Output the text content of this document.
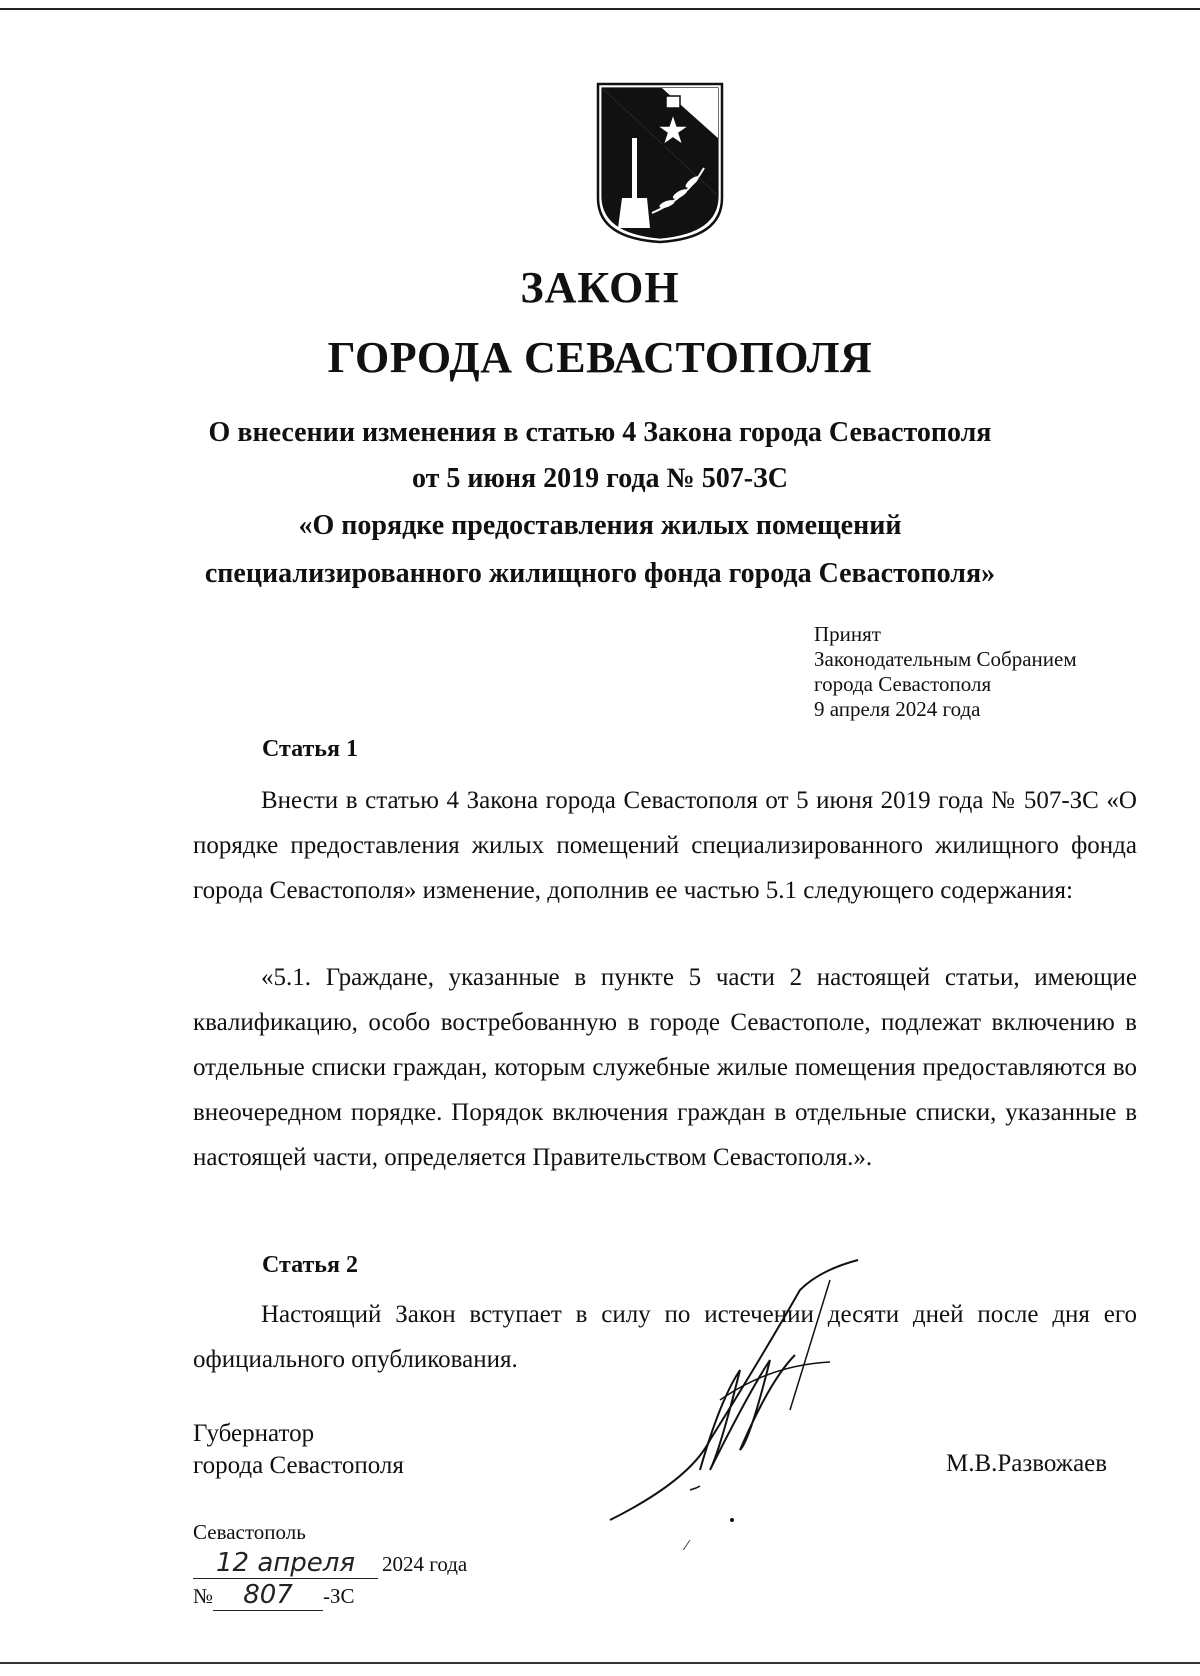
ЗАКОН
ГОРОДА СЕВАСТОПОЛЯ
О внесении изменения в статью 4 Закона города Севастополя
от 5 июня 2019 года № 507-ЗС
«О порядке предоставления жилых помещений
специализированного жилищного фонда города Севастополя»
Принят
Законодательным Собранием
города Севастополя
9 апреля 2024 года
Статья 1
Внести в статью 4 Закона города Севастополя от 5 июня 2019 года № 507-ЗС «О порядке предоставления жилых помещений специализированного жилищного фонда города Севастополя» изменение, дополнив ее частью 5.1 следующего содержания:
«5.1. Граждане, указанные в пункте 5 части 2 настоящей статьи, имеющие квалификацию, особо востребованную в городе Севастополе, подлежат включению в отдельные списки граждан, которым служебные жилые помещения предоставляются во внеочередном порядке. Порядок включения граждан в отдельные списки, указанные в настоящей части, определяется Правительством Севастополя.».
Статья 2
Настоящий Закон вступает в силу по истечении десяти дней после дня его официального опубликования.
Губернатор
города Севастополя	М.В.Развожаев
Севастополь
12 апреля 2024 года
№ 807 -ЗС
